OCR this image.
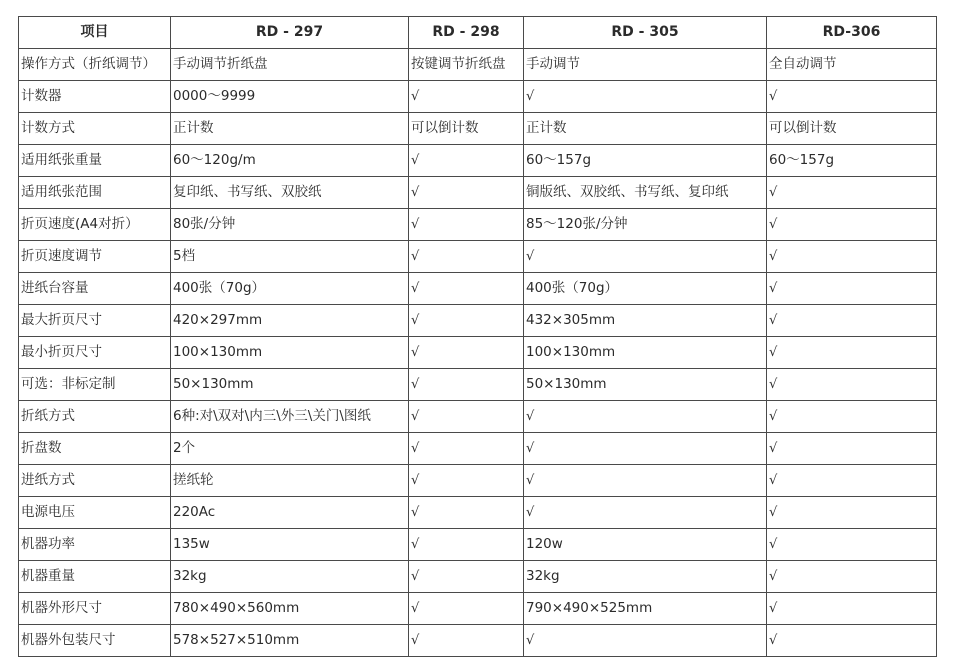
项目	RD - 297	RD - 298	RD - 305	RD-306
操作方式（折纸调节）	手动调节折纸盘	按键调节折纸盘	手动调节	全自动调节
计数器	0000～9999	√	√	√
计数方式	正计数	可以倒计数	正计数	可以倒计数
适用纸张重量	60～120g/m	√	60～157g	60～157g
适用纸张范围	复印纸、书写纸、双胶纸	√	铜版纸、双胶纸、书写纸、复印纸	√
折页速度(A4对折）	80张/分钟	√	85～120张/分钟	√
折页速度调节	5档	√	√	√
进纸台容量	400张（70g）	√	400张（70g）	√
最大折页尺寸	420×297mm	√	432×305mm	√
最小折页尺寸	100×130mm	√	100×130mm	√
可选：非标定制	50×130mm	√	50×130mm	√
折纸方式	6种:对\双对\内三\外三\关门\图纸	√	√	√
折盘数	2个	√	√	√
进纸方式	搓纸轮	√	√	√
电源电压	220Ac	√	√	√
机器功率	135w	√	120w	√
机器重量	32kg	√	32kg	√
机器外形尺寸	780×490×560mm	√	790×490×525mm	√
机器外包装尺寸	578×527×510mm	√	√	√
